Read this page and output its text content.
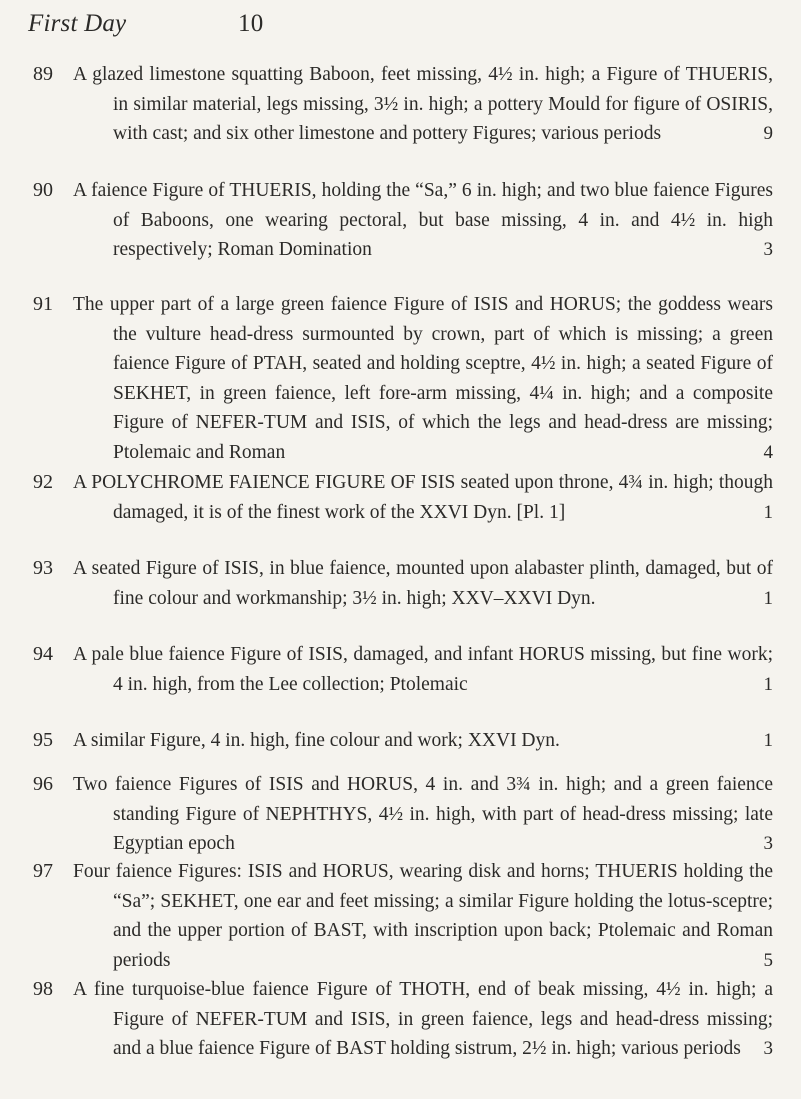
First Day	10
89	A glazed limestone squatting Baboon, feet missing, 4½ in. high; a Figure of THUERIS, in similar material, legs missing, 3½ in. high; a pottery Mould for figure of OSIRIS, with cast; and six other limestone and pottery Figures; various periods	9
90	A faience Figure of THUERIS, holding the “Sa,” 6 in. high; and two blue faience Figures of Baboons, one wearing pectoral, but base missing, 4 in. and 4½ in. high respectively; Roman Domination	3
91	The upper part of a large green faience Figure of ISIS and HORUS; the goddess wears the vulture head-dress surmounted by crown, part of which is missing; a green faience Figure of PTAH, seated and holding sceptre, 4½ in. high; a seated Figure of SEKHET, in green faience, left fore-arm missing, 4¼ in. high; and a composite Figure of NEFER-TUM and ISIS, of which the legs and head-dress are missing; Ptolemaic and Roman	4
92	A POLYCHROME FAIENCE FIGURE OF ISIS seated upon throne, 4¾ in. high; though damaged, it is of the finest work of the XXVI Dyn. [Pl. 1]	1
93	A seated Figure of ISIS, in blue faience, mounted upon alabaster plinth, damaged, but of fine colour and workmanship; 3½ in. high; XXV–XXVI Dyn.	1
94	A pale blue faience Figure of ISIS, damaged, and infant HORUS missing, but fine work; 4 in. high, from the Lee collection; Ptolemaic	1
95	A similar Figure, 4 in. high, fine colour and work; XXVI Dyn.	1
96	Two faience Figures of ISIS and HORUS, 4 in. and 3¾ in. high; and a green faience standing Figure of NEPHTHYS, 4½ in. high, with part of head-dress missing; late Egyptian epoch	3
97	Four faience Figures: ISIS and HORUS, wearing disk and horns; THUERIS holding the “Sa”; SEKHET, one ear and feet missing; a similar Figure holding the lotus-sceptre; and the upper portion of BAST, with inscription upon back; Ptolemaic and Roman periods	5
98	A fine turquoise-blue faience Figure of THOTH, end of beak missing, 4½ in. high; a Figure of NEFER-TUM and ISIS, in green faience, legs and head-dress missing; and a blue faience Figure of BAST holding sistrum, 2½ in. high; various periods	3
